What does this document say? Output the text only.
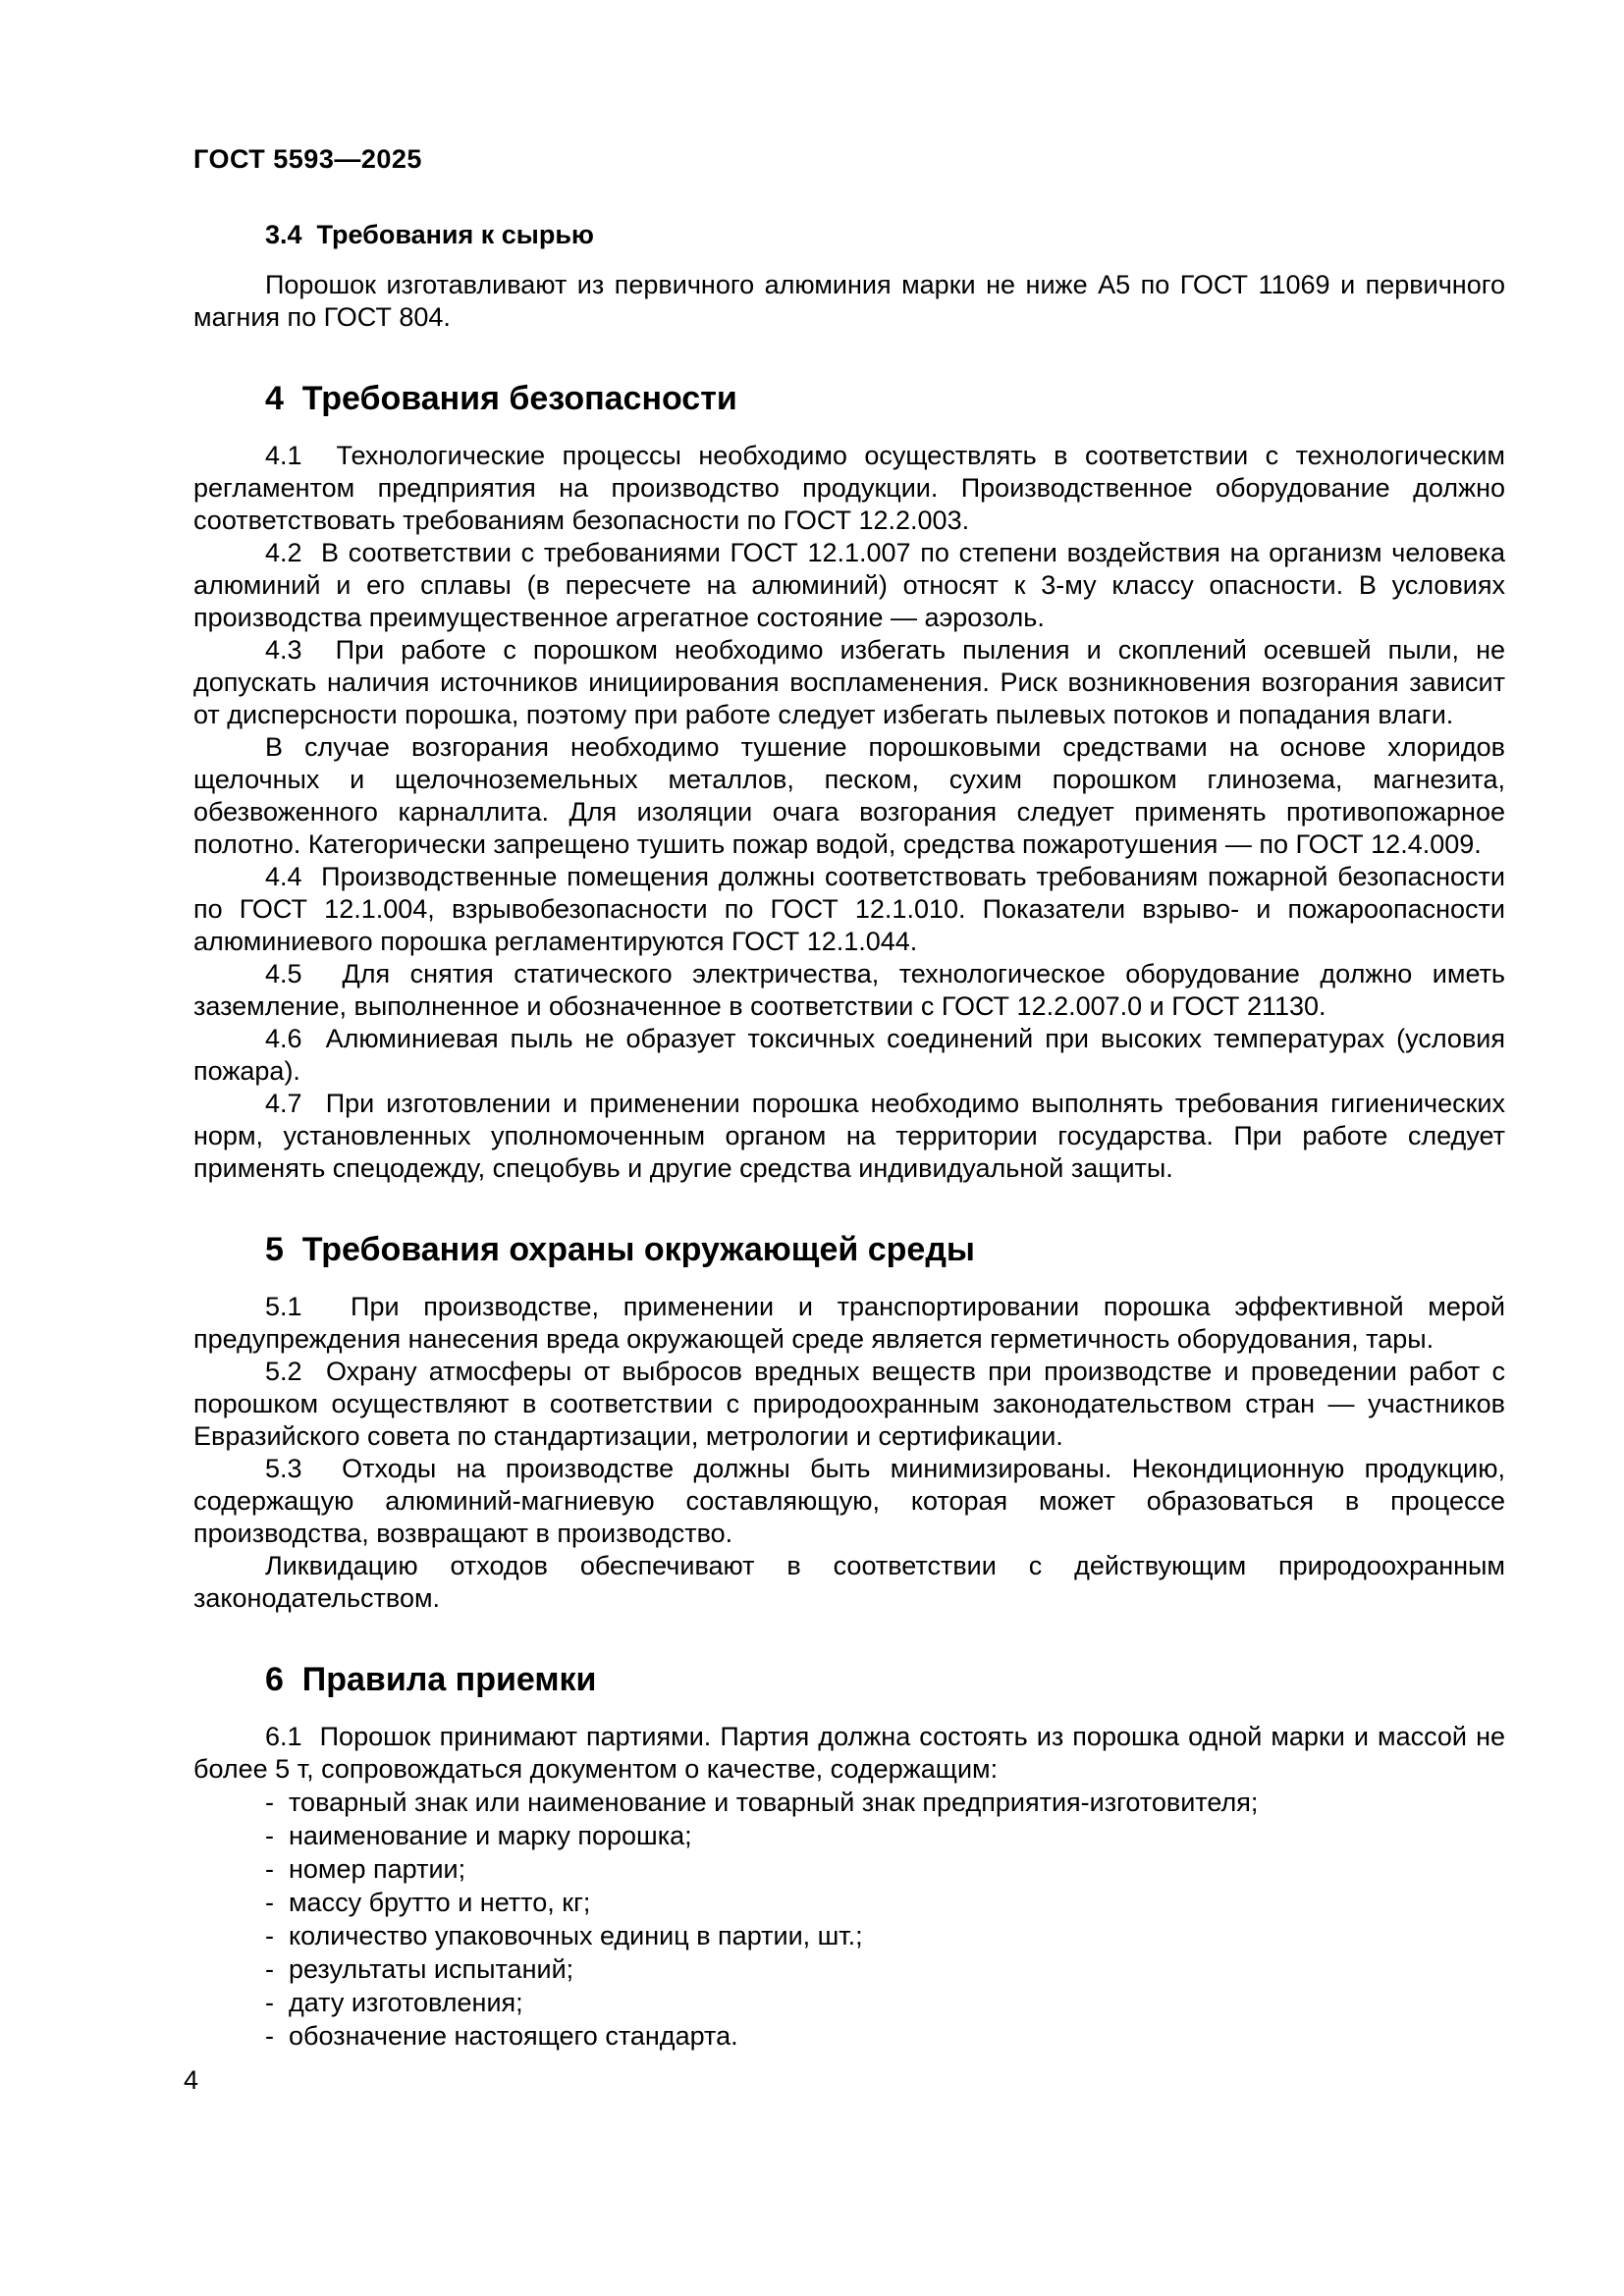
ГОСТ 5593—2025
3.4  Требования к сырью

Порошок изготавливают из первичного алюминия марки не ниже А5 по ГОСТ 11069 и первичного магния по ГОСТ 804.

4  Требования безопасности

4.1  Технологические процессы необходимо осуществлять в соответствии с технологическим регламентом предприятия на производство продукции. Производственное оборудование должно соответствовать требованиям безопасности по ГОСТ 12.2.003.

4.2  В соответствии с требованиями ГОСТ 12.1.007 по степени воздействия на организм человека алюминий и его сплавы (в пересчете на алюминий) относят к 3-му классу опасности. В условиях производства преимущественное агрегатное состояние — аэрозоль.

4.3  При работе с порошком необходимо избегать пыления и скоплений осевшей пыли, не допускать наличия источников инициирования воспламенения. Риск возникновения возгорания зависит от дисперсности порошка, поэтому при работе следует избегать пылевых потоков и попадания влаги.

В случае возгорания необходимо тушение порошковыми средствами на основе хлоридов щелочных и щелочноземельных металлов, песком, сухим порошком глинозема, магнезита, обезвоженного карналлита. Для изоляции очага возгорания следует применять противопожарное полотно. Категорически запрещено тушить пожар водой, средства пожаротушения — по ГОСТ 12.4.009.

4.4  Производственные помещения должны соответствовать требованиям пожарной безопасности по ГОСТ 12.1.004, взрывобезопасности по ГОСТ 12.1.010. Показатели взрыво- и пожароопасности алюминиевого порошка регламентируются ГОСТ 12.1.044.

4.5  Для снятия статического электричества, технологическое оборудование должно иметь заземление, выполненное и обозначенное в соответствии с ГОСТ 12.2.007.0 и ГОСТ 21130.

4.6  Алюминиевая пыль не образует токсичных соединений при высоких температурах (условия пожара).

4.7  При изготовлении и применении порошка необходимо выполнять требования гигиенических норм, установленных уполномоченным органом на территории государства. При работе следует применять спецодежду, спецобувь и другие средства индивидуальной защиты.

5  Требования охраны окружающей среды

5.1  При производстве, применении и транспортировании порошка эффективной мерой предупреждения нанесения вреда окружающей среде является герметичность оборудования, тары.

5.2  Охрану атмосферы от выбросов вредных веществ при производстве и проведении работ с порошком осуществляют в соответствии с природоохранным законодательством стран — участников Евразийского совета по стандартизации, метрологии и сертификации.

5.3  Отходы на производстве должны быть минимизированы. Некондиционную продукцию, содержащую алюминий-магниевую составляющую, которая может образоваться в процессе производства, возвращают в производство.

Ликвидацию отходов обеспечивают в соответствии с действующим природоохранным законодательством.

6  Правила приемки

6.1  Порошок принимают партиями. Партия должна состоять из порошка одной марки и массой не более 5 т, сопровождаться документом о качестве, содержащим:

-  товарный знак или наименование и товарный знак предприятия-изготовителя;
-  наименование и марку порошка;
-  номер партии;
-  массу брутто и нетто, кг;
-  количество упаковочных единиц в партии, шт.;
-  результаты испытаний;
-  дату изготовления;
-  обозначение настоящего стандарта.
4
